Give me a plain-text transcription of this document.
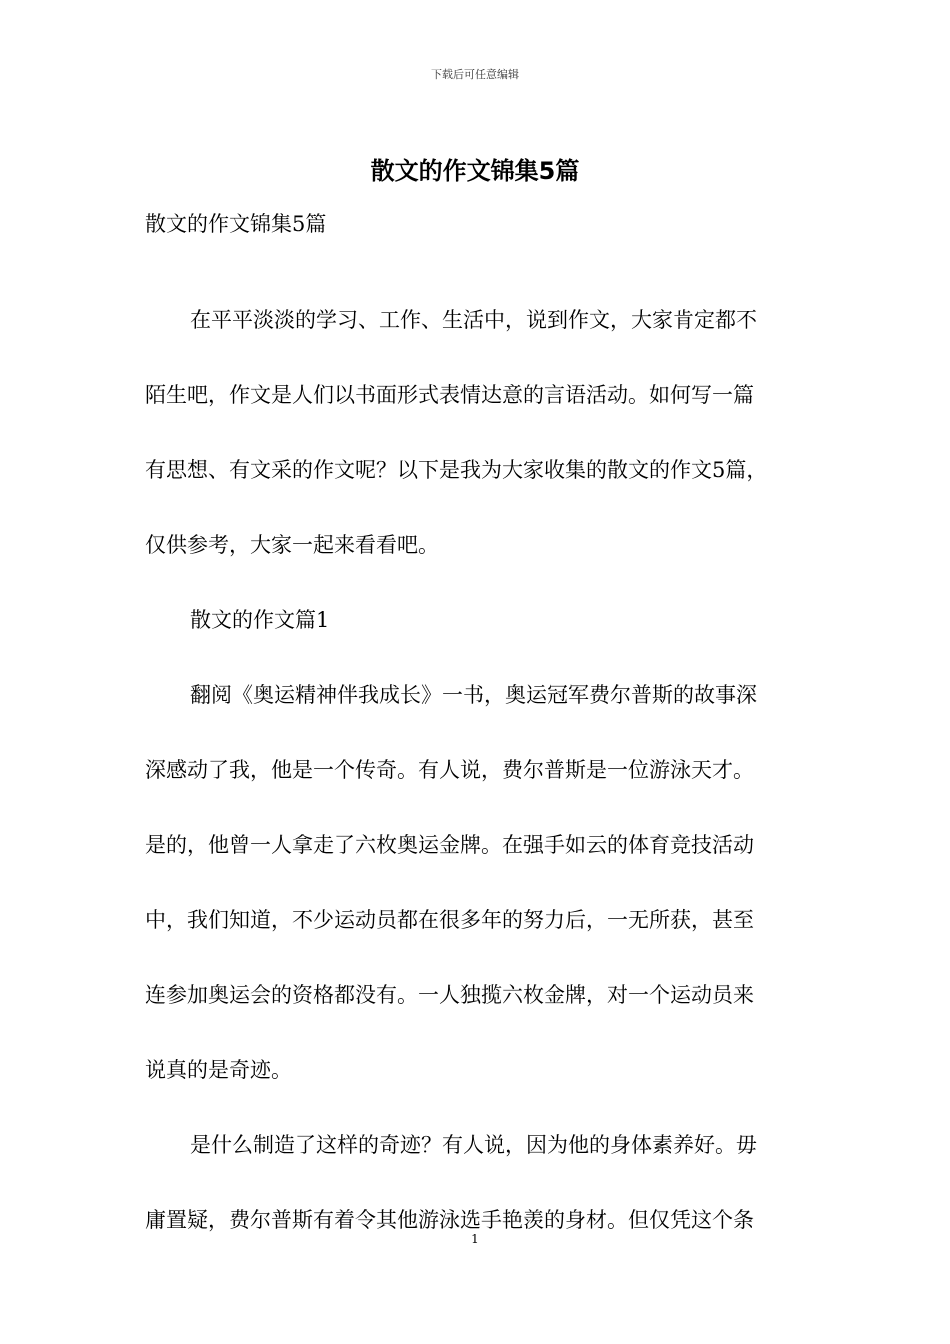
下载后可任意编辑
散文的作文锦集5篇
散文的作文锦集5篇
在平平淡淡的学习、工作、生活中，说到作文，大家肯定都不
陌生吧，作文是人们以书面形式表情达意的言语活动。如何写一篇
有思想、有文采的作文呢？以下是我为大家收集的散文的作文5篇，
仅供参考，大家一起来看看吧。
散文的作文篇1
翻阅《奥运精神伴我成长》一书，奥运冠军费尔普斯的故事深
深感动了我，他是一个传奇。有人说，费尔普斯是一位游泳天才。
是的，他曾一人拿走了六枚奥运金牌。在强手如云的体育竞技活动
中，我们知道，不少运动员都在很多年的努力后，一无所获，甚至
连参加奥运会的资格都没有。一人独揽六枚金牌，对一个运动员来
说真的是奇迹。
是什么制造了这样的奇迹？有人说，因为他的身体素养好。毋
庸置疑，费尔普斯有着令其他游泳选手艳羡的身材。但仅凭这个条
1
